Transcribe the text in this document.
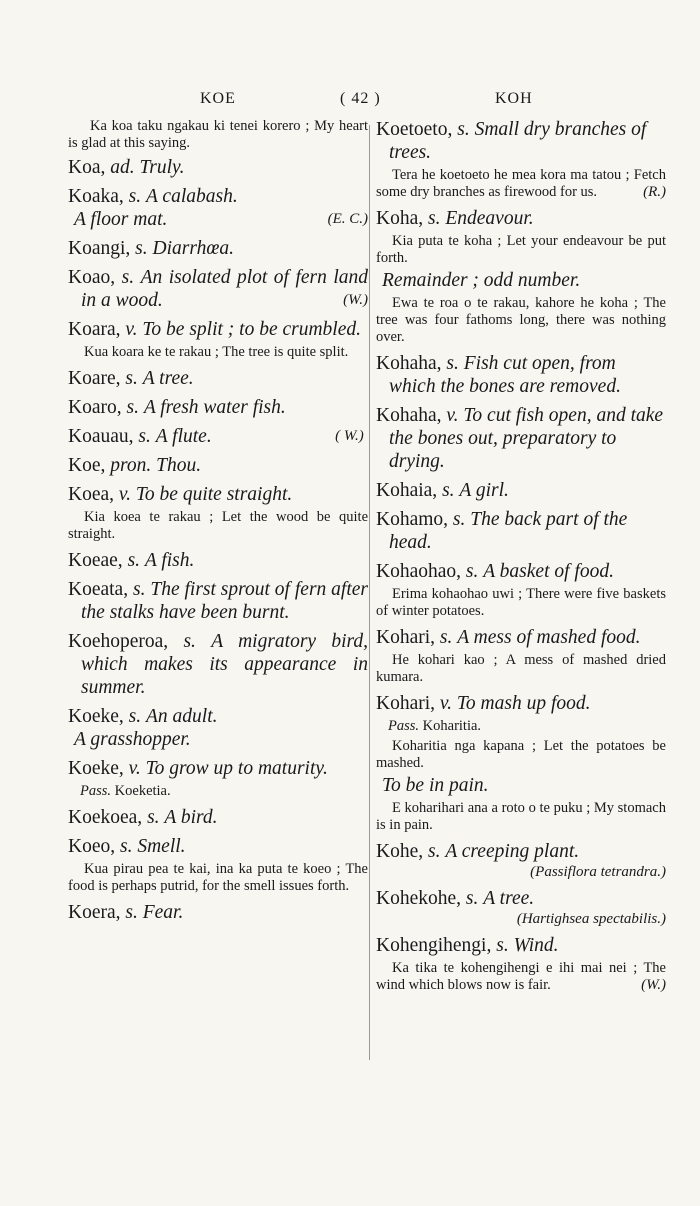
KOE	( 42 )	KOH

Ka koa taku ngakau ki tenei korero ; My heart is glad at this saying.

Koa, ad. Truly.

Koaka, s. A calabash.

(E. C.)
A floor mat.

Koangi, s. Diarrhœa.

Koao, s. An isolated plot of fern land in a wood.	(W.)

Koara, v. To be split ; to be crumbled.

Kua koara ke te rakau ; The tree is quite split.

Koare, s. A tree.

Koaro, s. A fresh water fish.

Koauau, s. A flute.	( W.)

Koe, pron. Thou.

Koea, v. To be quite straight.

Kia koea te rakau ; Let the wood be quite straight.

Koeae, s. A fish.

Koeata, s. The first sprout of fern after the stalks have been burnt.

Koehoperoa, s. A migratory bird, which makes its appearance in summer.

Koeke, s. An adult.

A grasshopper.

Koeke, v. To grow up to maturity.

Pass. Koeketia.

Koekoea, s. A bird.

Koeo, s. Smell.

Kua pirau pea te kai, ina ka puta te koeo ; The food is perhaps putrid, for the smell issues forth.

Koera, s. Fear.

Koetoeto, s. Small dry branches of trees.

Tera he koetoeto he mea kora ma tatou ; Fetch some dry branches as firewood for us.	(R.)

Koha, s. Endeavour.

Kia puta te koha ; Let your endeavour be put forth.

Remainder ; odd number.

Ewa te roa o te rakau, kahore he koha ; The tree was four fathoms long, there was nothing over.

Kohaha, s. Fish cut open, from which the bones are removed.

Kohaha, v. To cut fish open, and take the bones out, preparatory to drying.

Kohaia, s. A girl.

Kohamo, s. The back part of the head.

Kohaohao, s. A basket of food.

Erima kohaohao uwi ; There were five baskets of winter potatoes.

Kohari, s. A mess of mashed food.

He kohari kao ; A mess of mashed dried kumara.

Kohari, v. To mash up food.

Pass. Koharitia.

Koharitia nga kapana ; Let the potatoes be mashed.

To be in pain.

E koharihari ana a roto o te puku ; My stomach is in pain.

Kohe, s. A creeping plant.

(Passiflora tetrandra.)

Kohekohe, s. A tree.

(Hartighsea spectabilis.)

Kohengihengi, s. Wind.

Ka tika te kohengihengi e ihi mai nei ; The wind which blows now is fair.	(W.)
